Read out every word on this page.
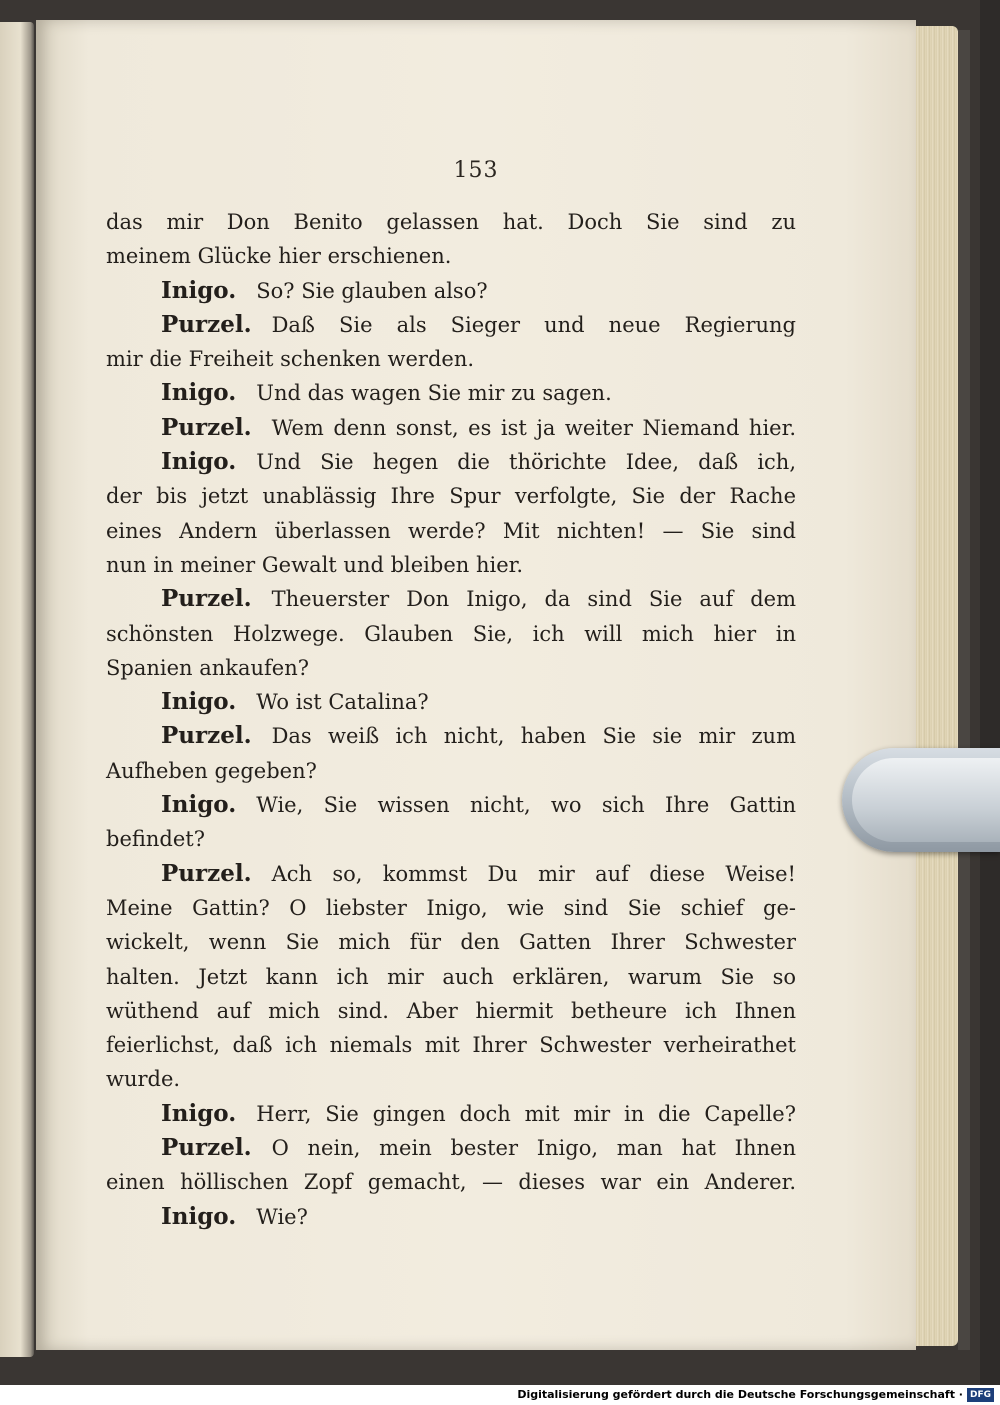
153
das mir Don Benito gelassen hat. Doch Sie sind zu
meinem Glücke hier erschienen.
Inigo. So? Sie glauben also?
Purzel. Daß Sie als Sieger und neue Regierung
mir die Freiheit schenken werden.
Inigo. Und das wagen Sie mir zu sagen.
Purzel. Wem denn sonst, es ist ja weiter Niemand hier.
Inigo. Und Sie hegen die thörichte Idee, daß ich,
der bis jetzt unablässig Ihre Spur verfolgte, Sie der Rache
eines Andern überlassen werde? Mit nichten! — Sie sind
nun in meiner Gewalt und bleiben hier.
Purzel. Theuerster Don Inigo, da sind Sie auf dem
schönsten Holzwege. Glauben Sie, ich will mich hier in
Spanien ankaufen?
Inigo. Wo ist Catalina?
Purzel. Das weiß ich nicht, haben Sie sie mir zum
Aufheben gegeben?
Inigo. Wie, Sie wissen nicht, wo sich Ihre Gattin
befindet?
Purzel. Ach so, kommst Du mir auf diese Weise!
Meine Gattin? O liebster Inigo, wie sind Sie schief ge-
wickelt, wenn Sie mich für den Gatten Ihrer Schwester
halten. Jetzt kann ich mir auch erklären, warum Sie so
wüthend auf mich sind. Aber hiermit betheure ich Ihnen
feierlichst, daß ich niemals mit Ihrer Schwester verheirathet
wurde.
Inigo. Herr, Sie gingen doch mit mir in die Capelle?
Purzel. O nein, mein bester Inigo, man hat Ihnen
einen höllischen Zopf gemacht, — dieses war ein Anderer.
Inigo. Wie?
Digitalisierung gefördert durch die Deutsche Forschungsgemeinschaft · DFG
